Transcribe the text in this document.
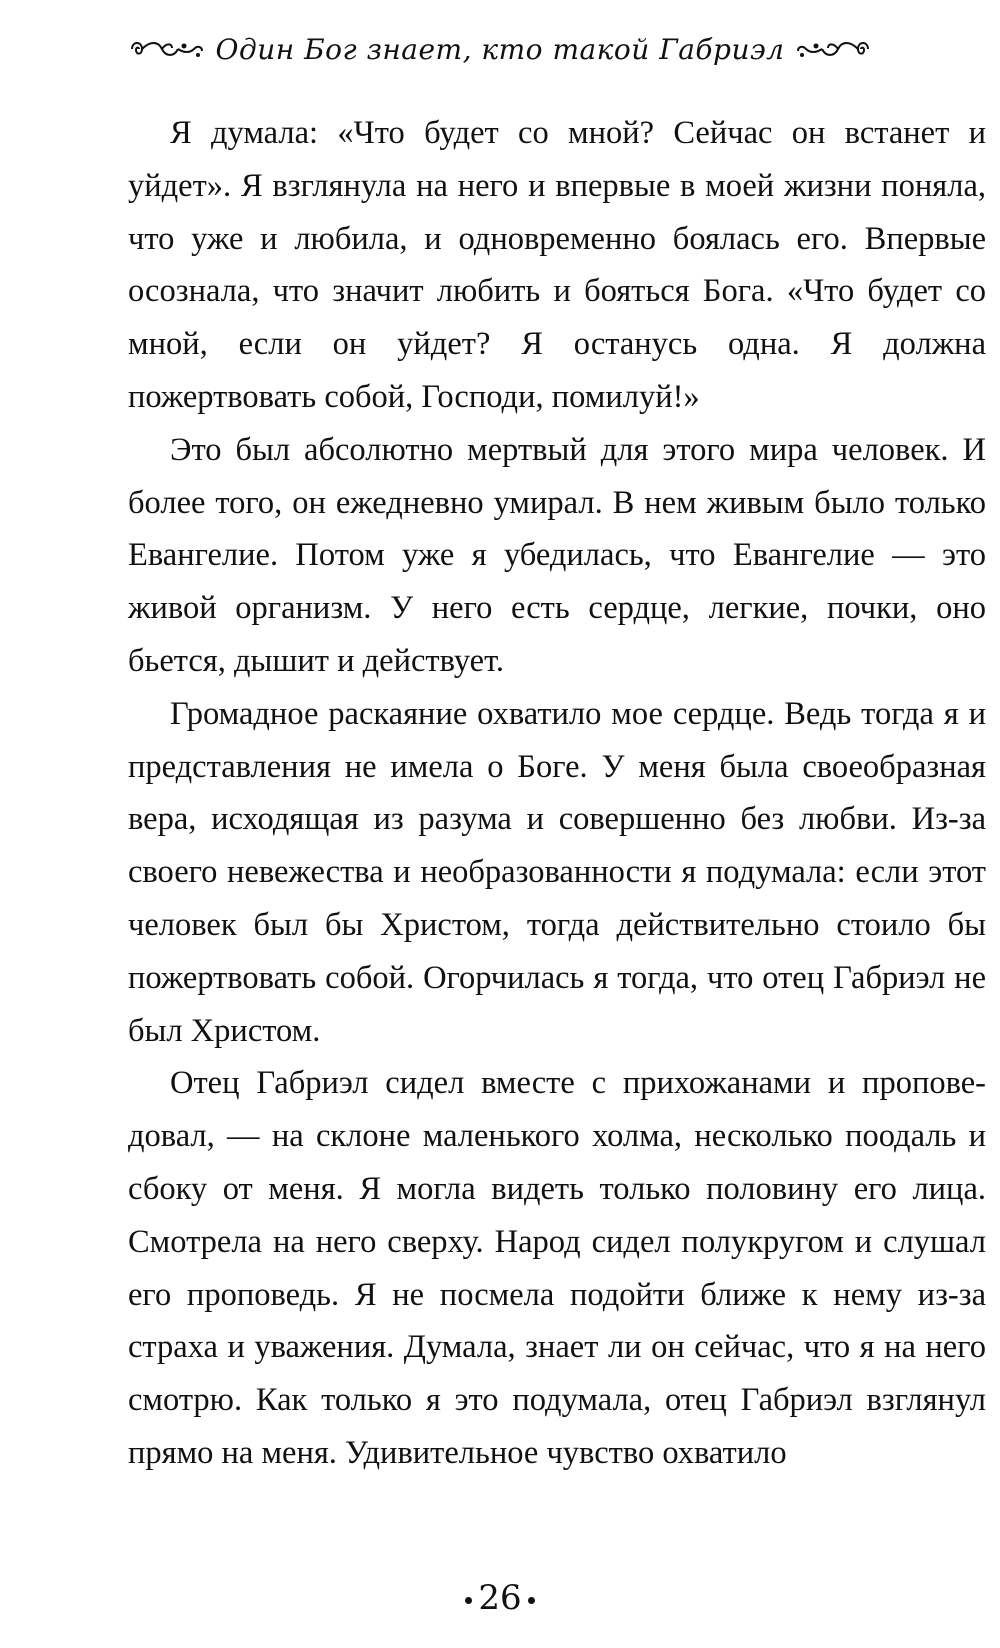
Один Бог знает, кто такой Габриэл

Я думала: «Что будет со мной? Сейчас он встанет и уйдет». Я взглянула на него и впервые в моей жизни поняла, что уже и любила, и одновременно боялась его. Впервые осознала, что значит любить и бояться Бога. «Что будет со мной, если он уйдет? Я останусь одна. Я должна пожертвовать собой, Господи, помилуй!»

Это был абсолютно мертвый для этого мира человек. И более того, он ежедневно умирал. В нем живым было только Евангелие. Потом уже я убедилась, что Евангелие — это живой организм. У него есть сердце, легкие, почки, оно бьется, дышит и действует.

Громадное раскаяние охватило мое сердце. Ведь тогда я и представления не имела о Боге. У меня была своеобразная вера, исходящая из разума и совершенно без любви. Из-за своего невежества и необразованности я подумала: если этот человек был бы Христом, тогда действительно стоило бы пожертвовать собой. Огорчилась я тогда, что отец Габриэл не был Христом.

Отец Габриэл сидел вместе с прихожанами и проповедовал, — на склоне маленького холма, несколько поодаль и сбоку от меня. Я могла видеть только половину его лица. Смотрела на него сверху. Народ сидел полукругом и слушал его проповедь. Я не посмела подойти ближе к нему из-за страха и уважения. Думала, знает ли он сейчас, что я на него смотрю. Как только я это подумала, отец Габриэл взглянул прямо на меня. Удивительное чувство охватило

26
